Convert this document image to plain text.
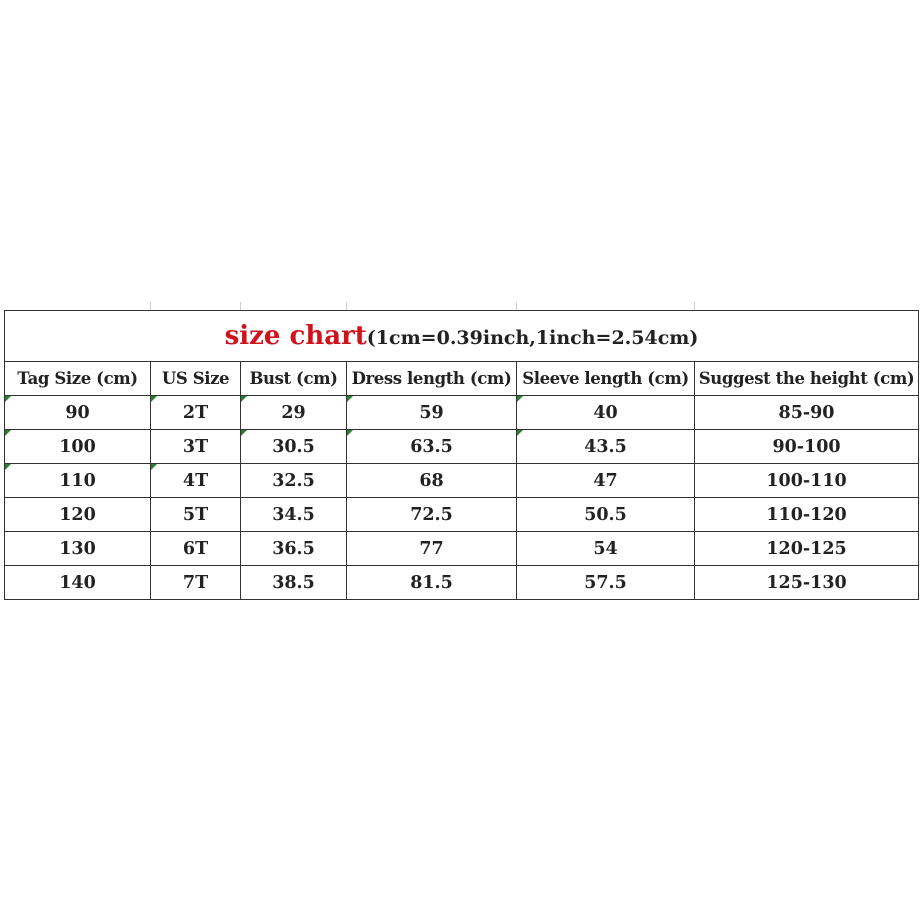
size chart(1cm=0.39inch,1inch=2.54cm)					
Tag Size (cm)	US Size	Bust (cm)	Dress length (cm)	Sleeve length (cm)	Suggest the height (cm)
90	2T	29	59	40	85-90
100	3T	30.5	63.5	43.5	90-100
110	4T	32.5	68	47	100-110
120	5T	34.5	72.5	50.5	110-120
130	6T	36.5	77	54	120-125
140	7T	38.5	81.5	57.5	125-130
